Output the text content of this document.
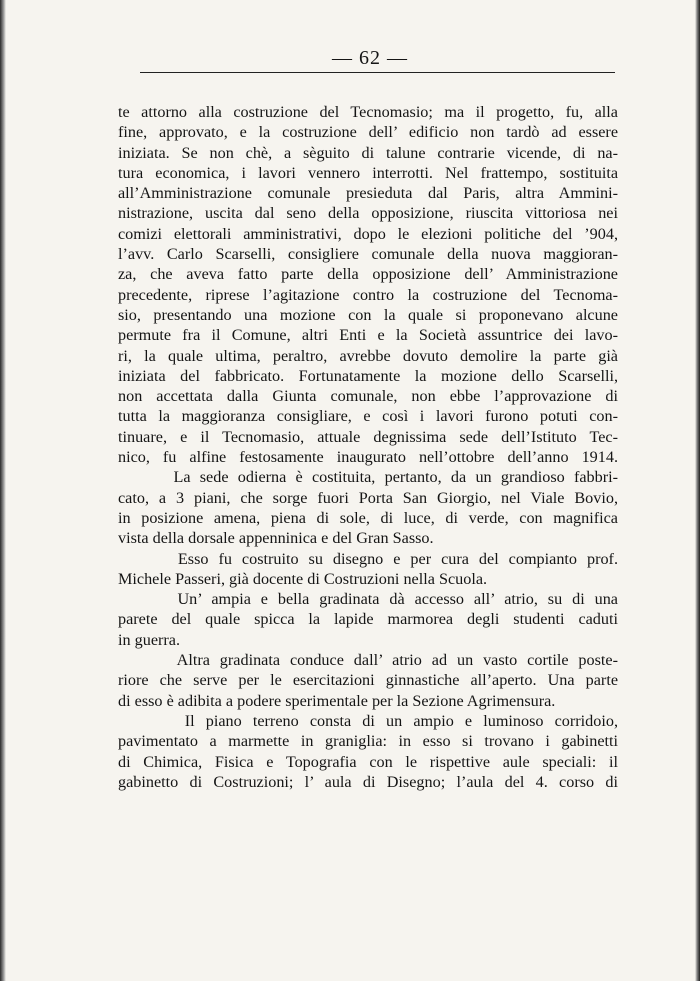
— 62 —
te attorno alla costruzione del Tecnomasio; ma il progetto, fu, alla
fine, approvato, e la costruzione dell’ edificio non tardò ad essere
iniziata. Se non chè, a sèguito di talune contrarie vicende, di na-
tura economica, i lavori vennero interrotti. Nel frattempo, sostituita
all’Amministrazione comunale presieduta dal Paris, altra Ammini-
nistrazione, uscita dal seno della opposizione, riuscita vittoriosa nei
comizi elettorali amministrativi, dopo le elezioni politiche del ’904,
l’avv. Carlo Scarselli, consigliere comunale della nuova maggioran-
za, che aveva fatto parte della opposizione dell’ Amministrazione
precedente, riprese l’agitazione contro la costruzione del Tecnoma-
sio, presentando una mozione con la quale si proponevano alcune
permute fra il Comune, altri Enti e la Società assuntrice dei lavo-
ri, la quale ultima, peraltro, avrebbe dovuto demolire la parte già
iniziata del fabbricato. Fortunatamente la mozione dello Scarselli,
non accettata dalla Giunta comunale, non ebbe l’approvazione di
tutta la maggioranza consigliare, e così i lavori furono potuti con-
tinuare, e il Tecnomasio, attuale degnissima sede dell’Istituto Tec-
nico, fu alfine festosamente inaugurato nell’ottobre dell’anno 1914.
La sede odierna è costituita, pertanto, da un grandioso fabbri-
cato, a 3 piani, che sorge fuori Porta San Giorgio, nel Viale Bovio,
in posizione amena, piena di sole, di luce, di verde, con magnifica
vista della dorsale appenninica e del Gran Sasso.
Esso fu costruito su disegno e per cura del compianto prof.
Michele Passeri, già docente di Costruzioni nella Scuola.
Un’ ampia e bella gradinata dà accesso all’ atrio, su di una
parete del quale spicca la lapide marmorea degli studenti caduti
in guerra.
Altra gradinata conduce dall’ atrio ad un vasto cortile poste-
riore che serve per le esercitazioni ginnastiche all’aperto. Una parte
di esso è adibita a podere sperimentale per la Sezione Agrimensura.
Il piano terreno consta di un ampio e luminoso corridoio,
pavimentato a marmette in graniglia: in esso si trovano i gabinetti
di Chimica, Fisica e Topografia con le rispettive aule speciali: il
gabinetto di Costruzioni; l’ aula di Disegno; l’aula del 4. corso di
